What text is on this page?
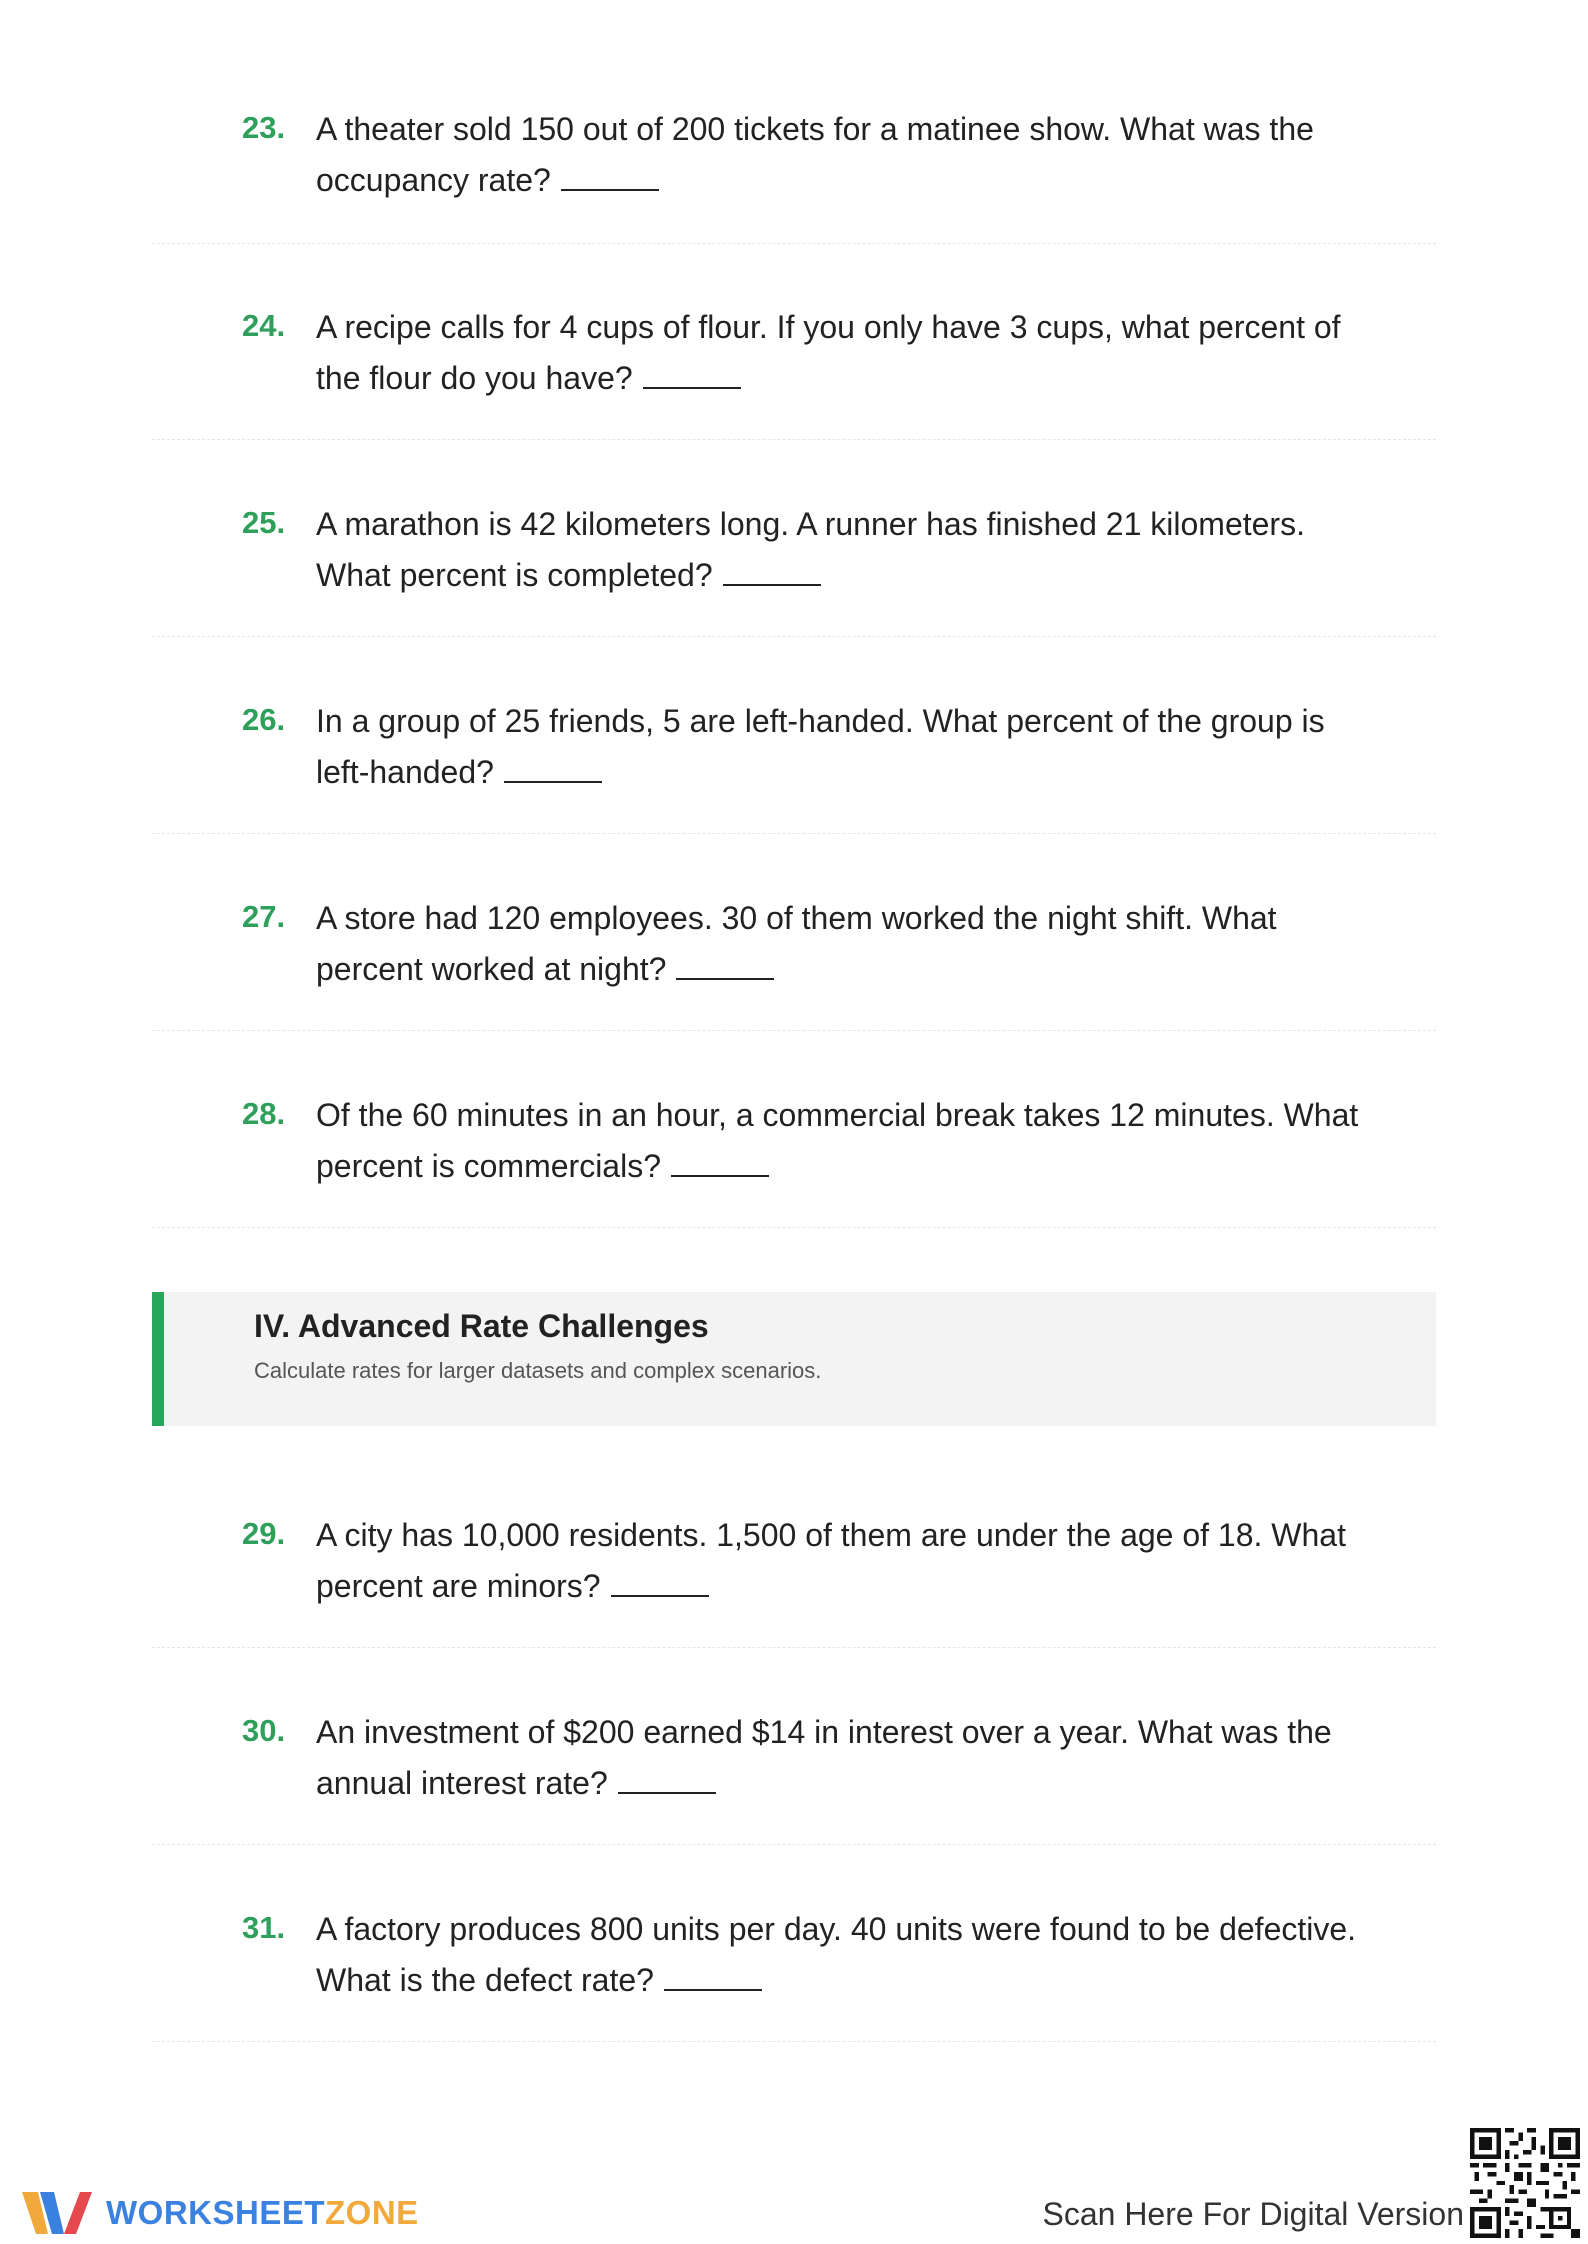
23. A theater sold 150 out of 200 tickets for a matinee show. What was the occupancy rate?
24. A recipe calls for 4 cups of flour. If you only have 3 cups, what percent of the flour do you have?
25. A marathon is 42 kilometers long. A runner has finished 21 kilometers. What percent is completed?
26. In a group of 25 friends, 5 are left-handed. What percent of the group is left-handed?
27. A store had 120 employees. 30 of them worked the night shift. What percent worked at night?
28. Of the 60 minutes in an hour, a commercial break takes 12 minutes. What percent is commercials?
IV. Advanced Rate Challenges
Calculate rates for larger datasets and complex scenarios.
29. A city has 10,000 residents. 1,500 of them are under the age of 18. What percent are minors?
30. An investment of $200 earned $14 in interest over a year. What was the annual interest rate?
31. A factory produces 800 units per day. 40 units were found to be defective. What is the defect rate?
WORKSHEETZONE	Scan Here For Digital Version
